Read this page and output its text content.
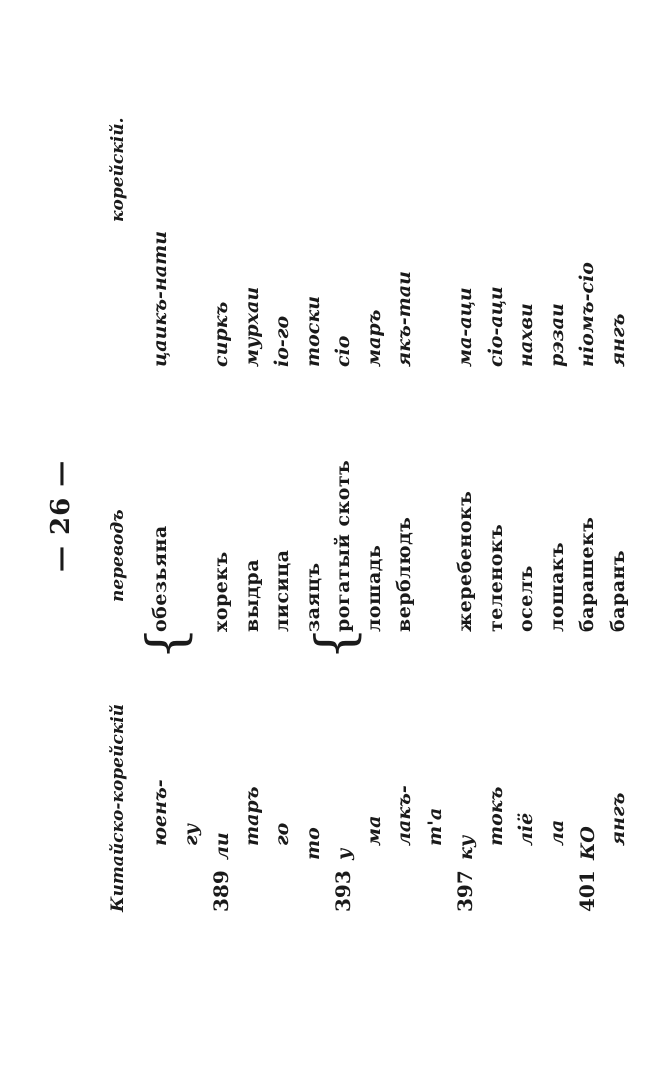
— 26 —
Китайско-корейскій
переводъ
корейскій.
{ {
юенъ- гу
389ли
таръ го то
393у
ма лакъ- т'а
397ку
токъ лiё ла
401КО янгъ
обезьяна хорекъ выдра лисица заяцъ рогатый скотъ лошадь верблюдъ жеребенокъ теленокъ оселъ лошакъ барашекъ баранъ
цаикъ-нати сиркъ мурхаи іо-го тоски сіо маръ якъ-таи ма-аци сіо-аци нахви рэзаи нiомъ-сіо янгъ
